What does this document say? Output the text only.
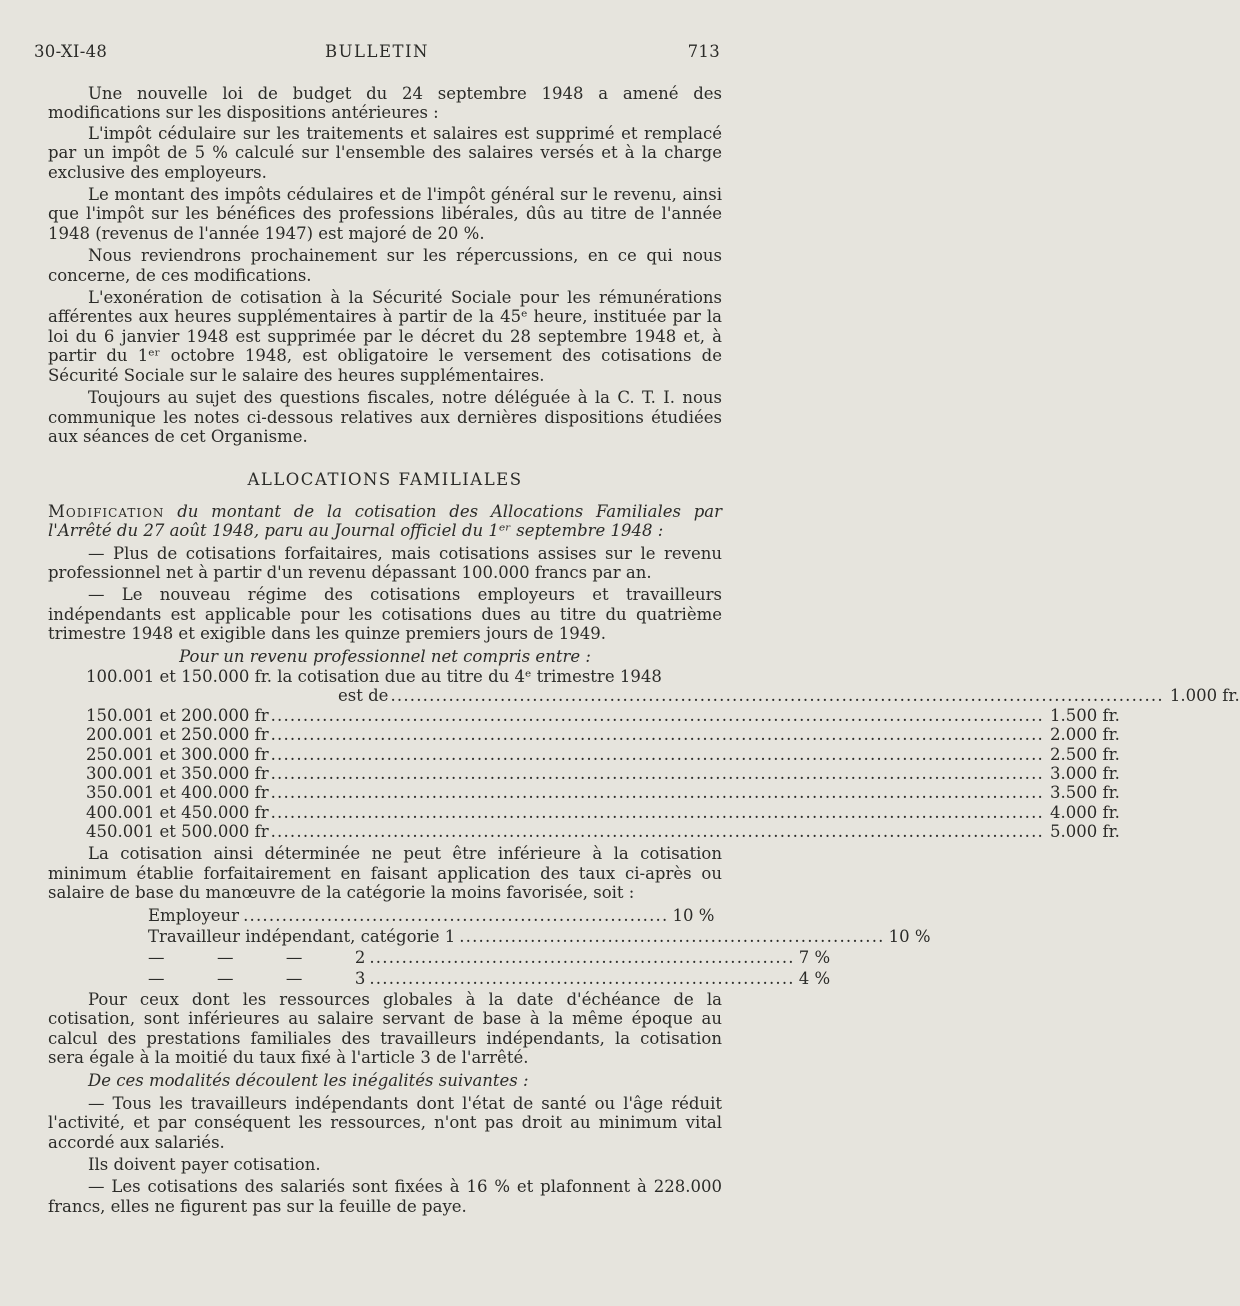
30-XI-48	BULLETIN	713

Une nouvelle loi de budget du 24 septembre 1948 a amené des modifications sur les dispositions antérieures :

L'impôt cédulaire sur les traitements et salaires est supprimé et remplacé par un impôt de 5 % calculé sur l'ensemble des salaires versés et à la charge exclusive des employeurs.

Le montant des impôts cédulaires et de l'impôt général sur le revenu, ainsi que l'impôt sur les bénéfices des professions libérales, dûs au titre de l'année 1948 (revenus de l'année 1947) est majoré de 20 %.

Nous reviendrons prochainement sur les répercussions, en ce qui nous concerne, de ces modifications.

L'exonération de cotisation à la Sécurité Sociale pour les rémunérations afférentes aux heures supplémentaires à partir de la 45ᵉ heure, instituée par la loi du 6 janvier 1948 est supprimée par le décret du 28 septembre 1948 et, à partir du 1ᵉʳ octobre 1948, est obligatoire le versement des cotisations de Sécurité Sociale sur le salaire des heures supplémentaires.

Toujours au sujet des questions fiscales, notre déléguée à la C. T. I. nous communique les notes ci-dessous relatives aux dernières dispositions étudiées aux séances de cet Organisme.

ALLOCATIONS FAMILIALES

Modification du montant de la cotisation des Allocations Familiales par l'Arrêté du 27 août 1948, paru au Journal officiel du 1ᵉʳ septembre 1948 :

— Plus de cotisations forfaitaires, mais cotisations assises sur le revenu professionnel net à partir d'un revenu dépassant 100.000 francs par an.

— Le nouveau régime des cotisations employeurs et travailleurs indépendants est applicable pour les cotisations dues au titre du quatrième trimestre 1948 et exigible dans les quinze premiers jours de 1949.

Pour un revenu professionnel net compris entre :
100.001 et 150.000 fr. la cotisation due au titre du 4ᵉ trimestre 1948
est de ........................................................................................................................ 1.000 fr.
150.001 et 200.000 fr ........................................................................................................................ 1.500 fr.
200.001 et 250.000 fr ........................................................................................................................ 2.000 fr.
250.001 et 300.000 fr ........................................................................................................................ 2.500 fr.
300.001 et 350.000 fr ........................................................................................................................ 3.000 fr.
350.001 et 400.000 fr ........................................................................................................................ 3.500 fr.
400.001 et 450.000 fr ........................................................................................................................ 4.000 fr.
450.001 et 500.000 fr ........................................................................................................................ 5.000 fr.

La cotisation ainsi déterminée ne peut être inférieure à la cotisation minimum établie forfaitairement en faisant application des taux ci-après ou salaire de base du manœuvre de la catégorie la moins favorisée, soit :

Employeur .................................................................. 10 %
Travailleur indépendant, catégorie 1 .................................................................. 10 %
—          —          —          2 .................................................................. 7 %
—          —          —          3 .................................................................. 4 %

Pour ceux dont les ressources globales à la date d'échéance de la cotisation, sont inférieures au salaire servant de base à la même époque au calcul des prestations familiales des travailleurs indépendants, la cotisation sera égale à la moitié du taux fixé à l'article 3 de l'arrêté.

De ces modalités découlent les inégalités suivantes :

— Tous les travailleurs indépendants dont l'état de santé ou l'âge réduit l'activité, et par conséquent les ressources, n'ont pas droit au minimum vital accordé aux salariés.

Ils doivent payer cotisation.

— Les cotisations des salariés sont fixées à 16 % et plafonnent à 228.000 francs, elles ne figurent pas sur la feuille de paye.
